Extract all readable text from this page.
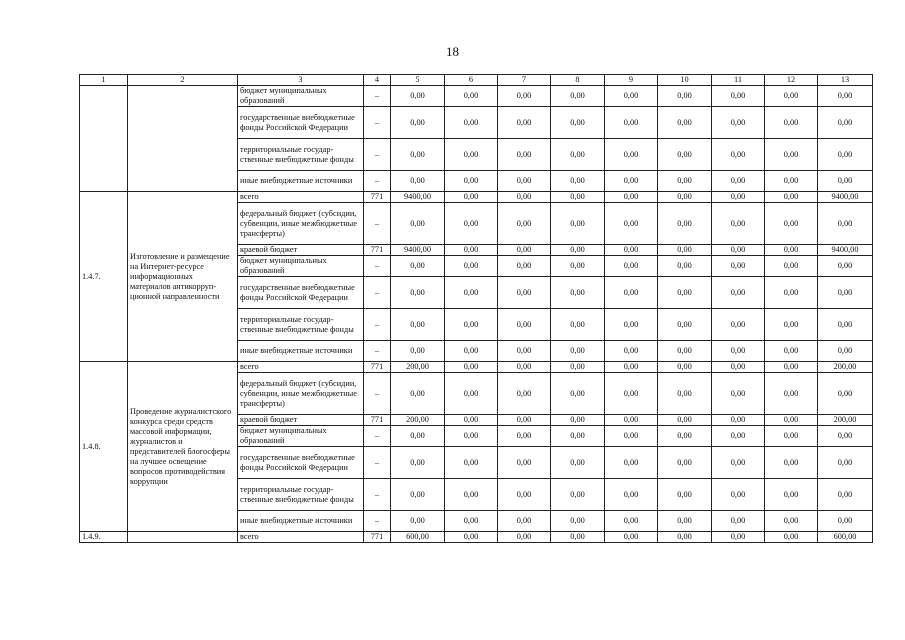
18
1	2	3	4	5	6	7	8	9	10	11	12	13
		бюджет муниципальных образований	–	0,00	0,00	0,00	0,00	0,00	0,00	0,00	0,00	0,00
		государственные внебюджетные фонды Российской Федерации	–	0,00	0,00	0,00	0,00	0,00	0,00	0,00	0,00	0,00
		территориальные государственные внебюджетные фонды	–	0,00	0,00	0,00	0,00	0,00	0,00	0,00	0,00	0,00
		иные внебюджетные источники	–	0,00	0,00	0,00	0,00	0,00	0,00	0,00	0,00	0,00
1.4.7.	Изготовление и размещение на Интернет-ресурсе информационных материалов антикоррупционной направленности	всего	771	9400,00	0,00	0,00	0,00	0,00	0,00	0,00	0,00	9400,00
		федеральный бюджет (субсидии, субвенции, иные межбюджетные трансферты)	–	0,00	0,00	0,00	0,00	0,00	0,00	0,00	0,00	0,00
		краевой бюджет	771	9400,00	0,00	0,00	0,00	0,00	0,00	0,00	0,00	9400,00
		бюджет муниципальных образований	–	0,00	0,00	0,00	0,00	0,00	0,00	0,00	0,00	0,00
		государственные внебюджетные фонды Российской Федерации	–	0,00	0,00	0,00	0,00	0,00	0,00	0,00	0,00	0,00
		территориальные государственные внебюджетные фонды	–	0,00	0,00	0,00	0,00	0,00	0,00	0,00	0,00	0,00
		иные внебюджетные источники	–	0,00	0,00	0,00	0,00	0,00	0,00	0,00	0,00	0,00
1.4.8.	Проведение журналистского конкурса среди средств массовой информации, журналистов и представителей блогосферы на лучшее освещение вопросов противодействия коррупции	всего	771	200,00	0,00	0,00	0,00	0,00	0,00	0,00	0,00	200,00
		федеральный бюджет (субсидии, субвенции, иные межбюджетные трансферты)	–	0,00	0,00	0,00	0,00	0,00	0,00	0,00	0,00	0,00
		краевой бюджет	771	200,00	0,00	0,00	0,00	0,00	0,00	0,00	0,00	200,00
		бюджет муниципальных образований	–	0,00	0,00	0,00	0,00	0,00	0,00	0,00	0,00	0,00
		государственные внебюджетные фонды Российской Федерации	–	0,00	0,00	0,00	0,00	0,00	0,00	0,00	0,00	0,00
		территориальные государственные внебюджетные фонды	–	0,00	0,00	0,00	0,00	0,00	0,00	0,00	0,00	0,00
		иные внебюджетные источники	–	0,00	0,00	0,00	0,00	0,00	0,00	0,00	0,00	0,00
1.4.9.		всего	771	600,00	0,00	0,00	0,00	0,00	0,00	0,00	0,00	600,00
